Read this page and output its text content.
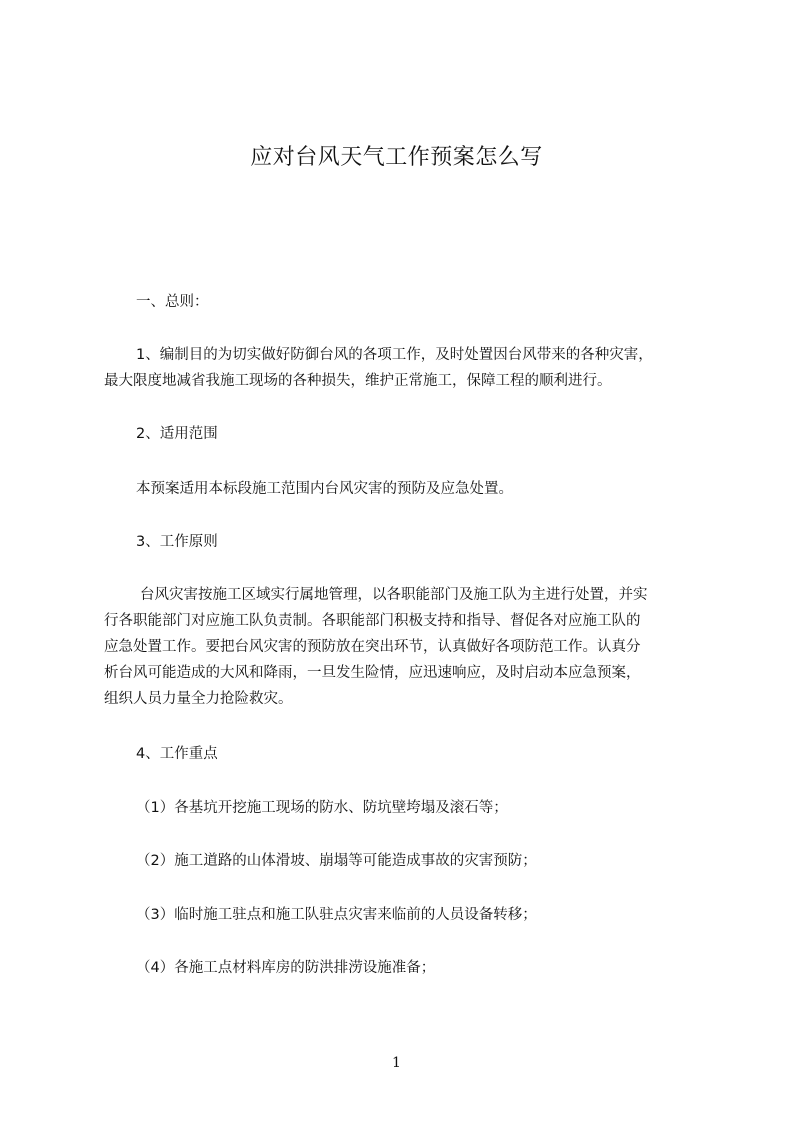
应对台风天气工作预案怎么写

一、总则：

1、编制目的为切实做好防御台风的各项工作，及时处置因台风带来的各种灾害，

最大限度地减省我施工现场的各种损失，维护正常施工，保障工程的顺利进行。

2、适用范围

本预案适用本标段施工范围内台风灾害的预防及应急处置。

3、工作原则

台风灾害按施工区域实行属地管理，以各职能部门及施工队为主进行处置，并实

行各职能部门对应施工队负责制。各职能部门积极支持和指导、督促各对应施工队的

应急处置工作。要把台风灾害的预防放在突出环节，认真做好各项防范工作。认真分

析台风可能造成的大风和降雨，一旦发生险情，应迅速响应，及时启动本应急预案，

组织人员力量全力抢险救灾。

4、工作重点

（1）各基坑开挖施工现场的防水、防坑壁垮塌及滚石等；

（2）施工道路的山体滑坡、崩塌等可能造成事故的灾害预防；

（3）临时施工驻点和施工队驻点灾害来临前的人员设备转移；

（4）各施工点材料库房的防洪排涝设施准备；

1
